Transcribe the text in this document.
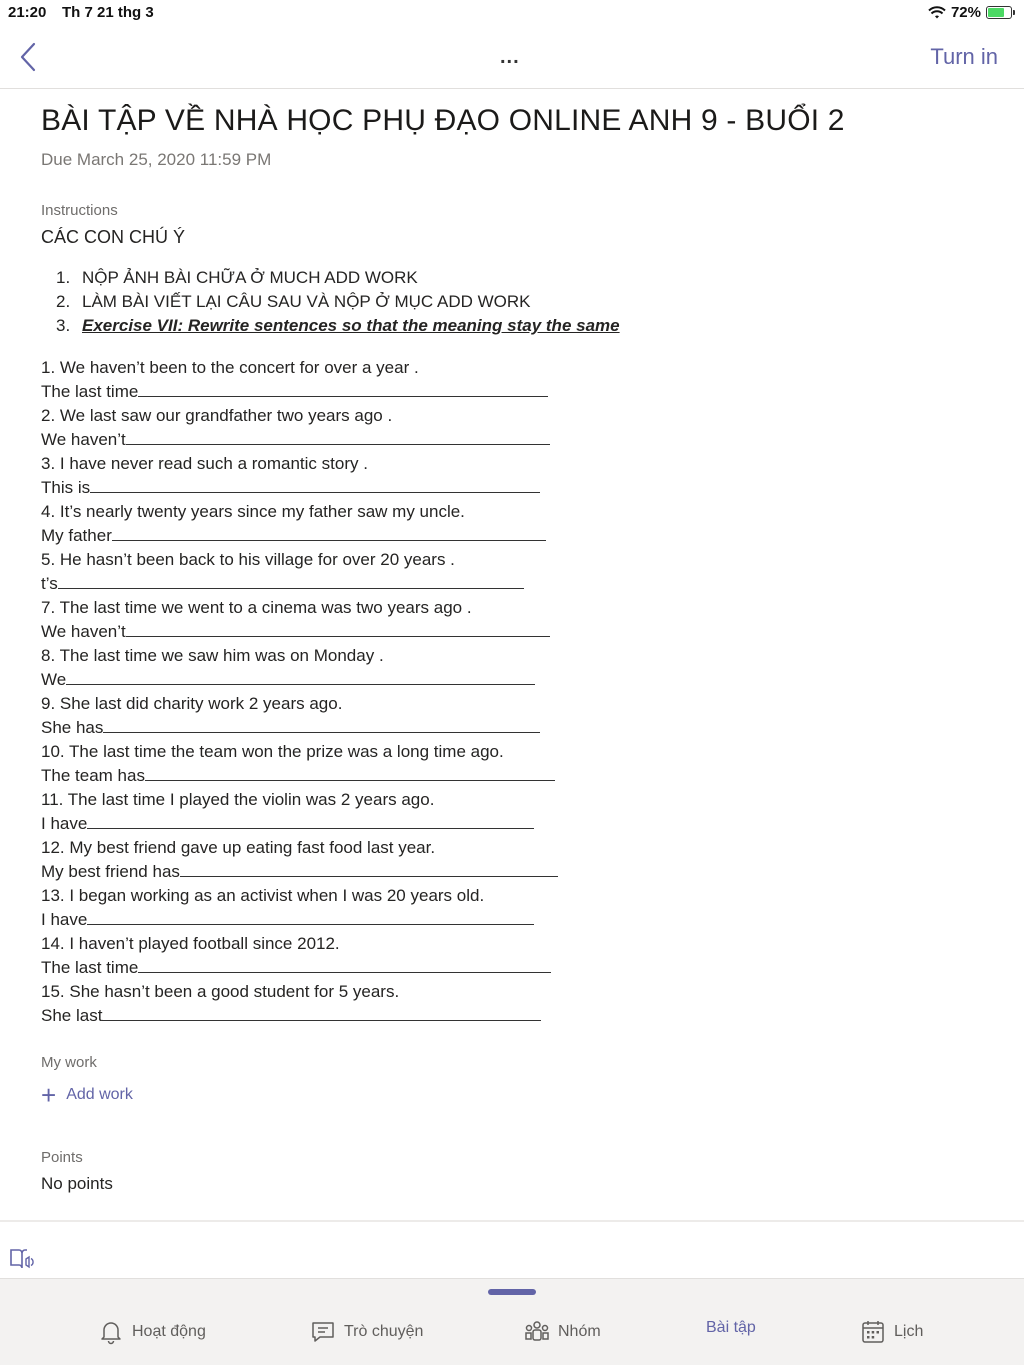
21:20 Th 7 21 thg 3	72%
...	Turn in
BÀI TẬP VỀ NHÀ HỌC PHỤ ĐẠO ONLINE ANH 9 - BUỔI 2
Due March 25, 2020 11:59 PM
Instructions
CÁC CON CHÚ Ý
1. NỘP ẢNH BÀI CHỮA Ở MUCH ADD WORK
2. LÀM BÀI VIẾT LẠI CÂU SAU VÀ NỘP Ở MỤC ADD WORK
3. Exercise VII: Rewrite sentences so that the meaning stay the same
1. We haven’t been to the concert for over a year .
The last time
2. We last saw our grandfather two years ago .
We haven’t
3. I have never read such a romantic story .
This is
4. It’s nearly twenty years since my father saw my uncle.
My father
5. He hasn’t been back to his village for over 20 years .
t’s
7. The last time we went to a cinema was two years ago .
We haven’t
8. The last time we saw him was on Monday .
We
9. She last did charity work 2 years ago.
She has
10. The last time the team won the prize was a long time ago.
The team has
11. The last time I played the violin was 2 years ago.
I have
12. My best friend gave up eating fast food last year.
My best friend has
13. I began working as an activist when I was 20 years old.
I have
14. I haven’t played football since 2012.
The last time
15. She hasn’t been a good student for 5 years.
She last
My work
+ Add work
Points
No points
Hoạt động	Trò chuyện	Nhóm	Bài tập	Lịch
